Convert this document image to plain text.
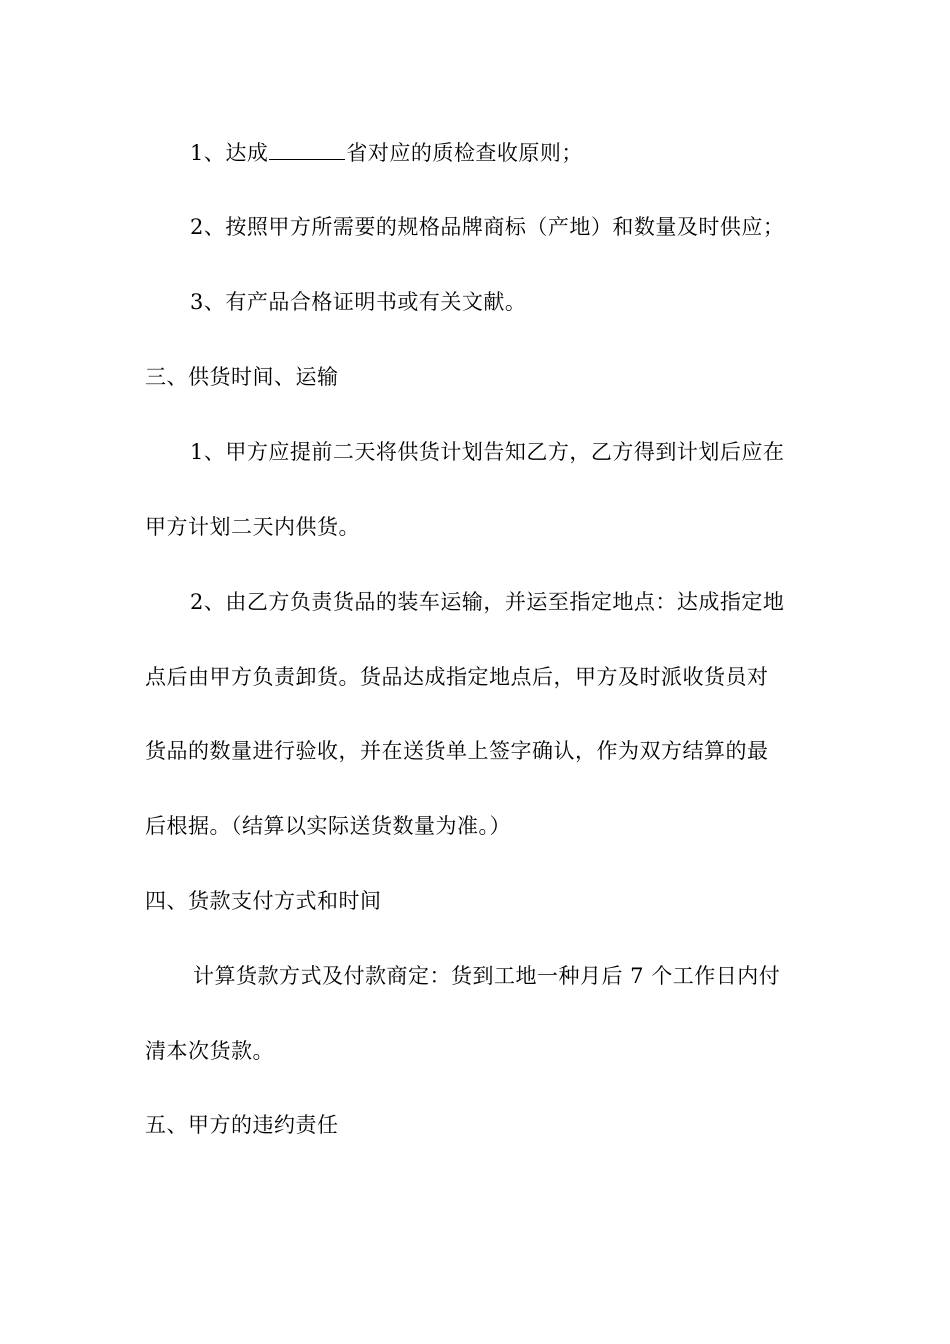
1、达成	省对应的质检查收原则；
2、按照甲方所需要的规格品牌商标（产地）和数量及时供应；
3、有产品合格证明书或有关文献。
三、供货时间、运输
1、甲方应提前二天将供货计划告知乙方，乙方得到计划后应在
甲方计划二天内供货。
2、由乙方负责货品的装车运输，并运至指定地点：达成指定地
点后由甲方负责卸货。货品达成指定地点后，甲方及时派收货员对
货品的数量进行验收，并在送货单上签字确认，作为双方结算的最
后根据。（结算以实际送货数量为准。）
四、货款支付方式和时间
计算货款方式及付款商定：货到工地一种月后 7 个工作日内付
清本次货款。
五、甲方的违约责任
